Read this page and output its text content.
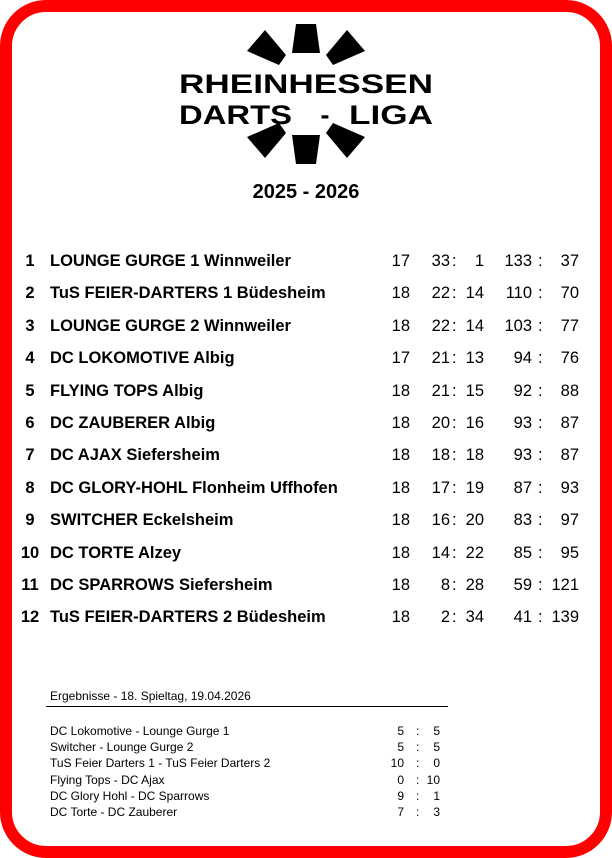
RHEINHESSEN
DARTS - LIGA
2025 - 2026
1 LOUNGE GURGE 1 Winnweiler	17	33 :	1	133 :	37
2 TuS FEIER-DARTERS 1 Büdesheim	18	22 : 14	110 :	70
3 LOUNGE GURGE 2 Winnweiler	18	22 : 14	103 :	77
4 DC LOKOMOTIVE Albig	17	21 : 13	94 :	76
5 FLYING TOPS Albig	18	21 : 15	92 :	88
6 DC ZAUBERER Albig	18	20 : 16	93 :	87
7 DC AJAX Siefersheim	18	18 : 18	93 :	87
8 DC GLORY-HOHL Flonheim Uffhofen	18	17 : 19	87 :	93
9 SWITCHER Eckelsheim	18	16 : 20	83 :	97
10 DC TORTE Alzey	18	14 : 22	85 :	95
11 DC SPARROWS Siefersheim	18	8 : 28	59 : 121
12 TuS FEIER-DARTERS 2 Büdesheim	18	2 : 34	41 : 139
Ergebnisse - 18. Spieltag, 19.04.2026
DC Lokomotive - Lounge Gurge 1	5 :	5
Switcher - Lounge Gurge 2	5 :	5
TuS Feier Darters 1 - TuS Feier Darters 2	10 :	0
Flying Tops - DC Ajax	0 : 10
DC Glory Hohl - DC Sparrows	9 :	1
DC Torte - DC Zauberer	7 :	3
